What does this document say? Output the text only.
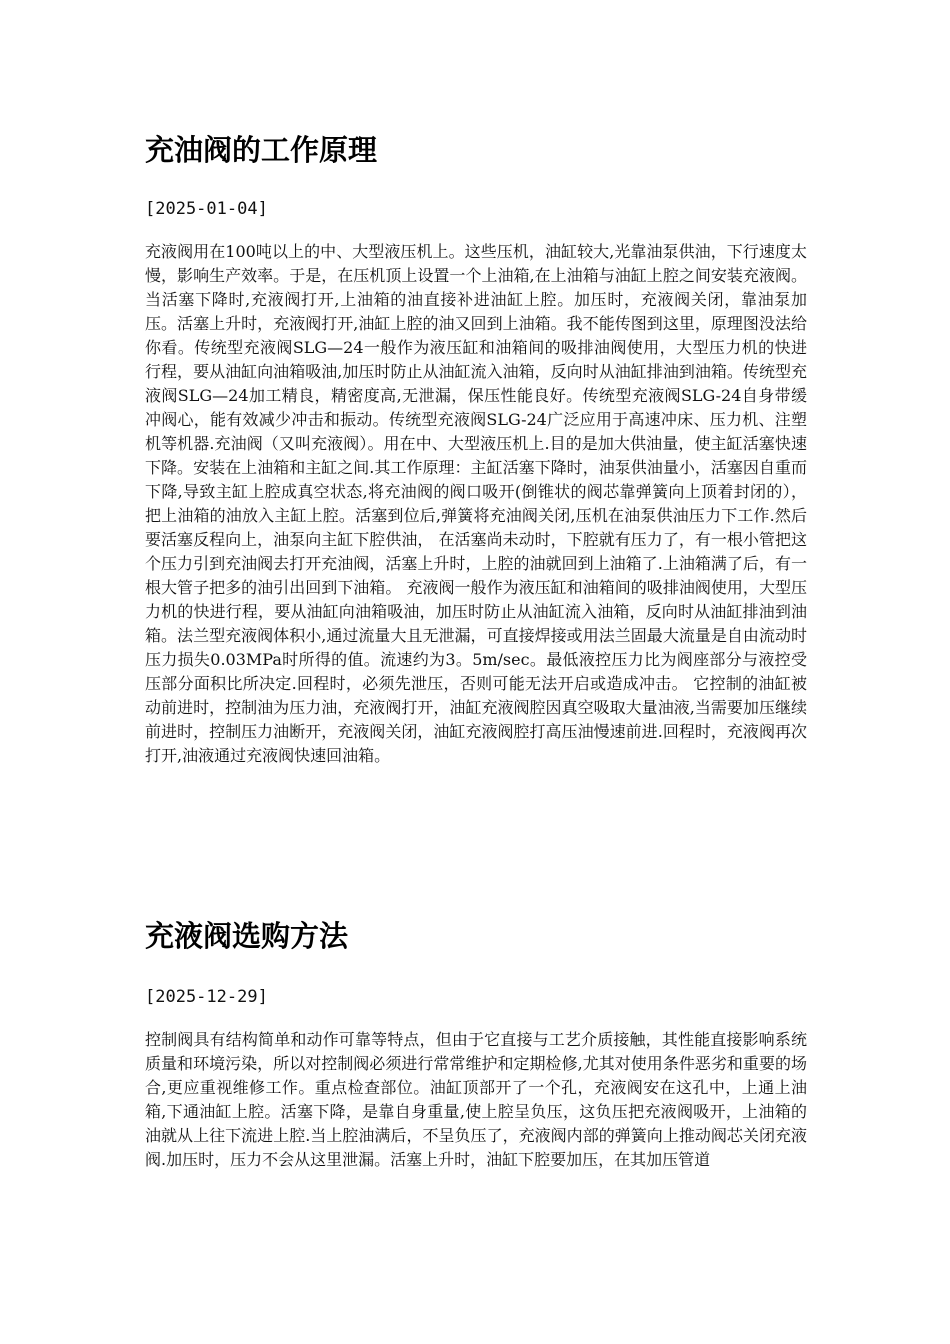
充油阀的工作原理
[2025-01-04]

充液阀用在100吨以上的中、大型液压机上。这些压机，油缸较大,光靠油泵供油，下行速度太慢，影响生产效率。于是，在压机顶上设置一个上油箱,在上油箱与油缸上腔之间安装充液阀。当活塞下降时,充液阀打开,上油箱的油直接补进油缸上腔。加压时，充液阀关闭，靠油泵加压。活塞上升时，充液阀打开,油缸上腔的油又回到上油箱。我不能传图到这里，原理图没法给你看。传统型充液阀SLG—24一般作为液压缸和油箱间的吸排油阀使用，大型压力机的快进行程，要从油缸向油箱吸油,加压时防止从油缸流入油箱，反向时从油缸排油到油箱。传统型充液阀SLG—24加工精良，精密度高,无泄漏，保压性能良好。传统型充液阀SLG-24自身带缓冲阀心，能有效减少冲击和振动。传统型充液阀SLG-24广泛应用于高速冲床、压力机、注塑机等机器.充油阀（又叫充液阀）。用在中、大型液压机上.目的是加大供油量，使主缸活塞快速下降。安装在上油箱和主缸之间.其工作原理：主缸活塞下降时，油泵供油量小，活塞因自重而下降,导致主缸上腔成真空状态,将充油阀的阀口吸开(倒锥状的阀芯靠弹簧向上顶着封闭的），把上油箱的油放入主缸上腔。活塞到位后,弹簧将充油阀关闭,压机在油泵供油压力下工作.然后要活塞反程向上，油泵向主缸下腔供油， 在活塞尚未动时，下腔就有压力了，有一根小管把这个压力引到充油阀去打开充油阀，活塞上升时，上腔的油就回到上油箱了.上油箱满了后，有一根大管子把多的油引出回到下油箱。 充液阀一般作为液压缸和油箱间的吸排油阀使用，大型压力机的快进行程，要从油缸向油箱吸油，加压时防止从油缸流入油箱，反向时从油缸排油到油箱。法兰型充液阀体积小,通过流量大且无泄漏，可直接焊接或用法兰固最大流量是自由流动时压力损失0.03MPa时所得的值。流速约为3。5m/sec。最低液控压力比为阀座部分与液控受压部分面积比所决定.回程时，必须先泄压，否则可能无法开启或造成冲击。 它控制的油缸被动前进时，控制油为压力油，充液阀打开，油缸充液阀腔因真空吸取大量油液,当需要加压继续前进时，控制压力油断开，充液阀关闭，油缸充液阀腔打高压油慢速前进.回程时，充液阀再次打开,油液通过充液阀快速回油箱。

充液阀选购方法
[2025-12-29]

控制阀具有结构简单和动作可靠等特点，但由于它直接与工艺介质接触，其性能直接影响系统质量和环境污染，所以对控制阀必须进行常常维护和定期检修,尤其对使用条件恶劣和重要的场合,更应重视维修工作。重点检查部位。油缸顶部开了一个孔，充液阀安在这孔中，上通上油箱,下通油缸上腔。活塞下降，是靠自身重量,使上腔呈负压，这负压把充液阀吸开，上油箱的油就从上往下流进上腔.当上腔油满后，不呈负压了，充液阀内部的弹簧向上推动阀芯关闭充液阀.加压时，压力不会从这里泄漏。活塞上升时，油缸下腔要加压，在其加压管道
